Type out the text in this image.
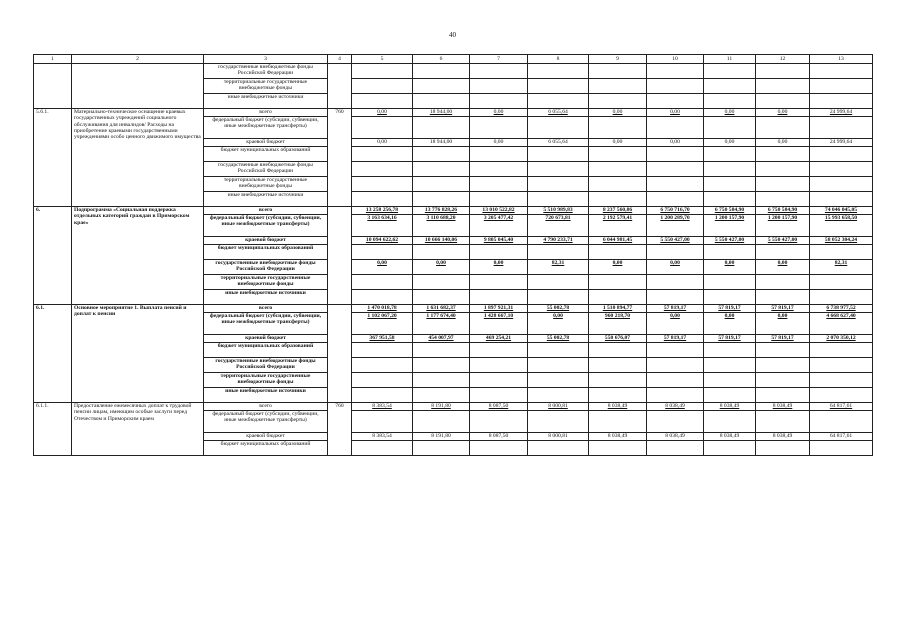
40
1	2	3	4	5	6	7	8	9	10	11	12	13
		государственные внебюджетные фонды Российской Федерации										
		территориальные государственные внебюджетные фонды										
		иные внебюджетные источники										
5.6.1.	Материально-техническое оснащение краевых государственных учреждений социального обслуживания для инвалидов/ Расходы на приобретение краевыми государственными учреждениями особо ценного движимого имущества	всего	760	0,00	18 944,00	0,00	6 055,64	0,00	0,00	0,00	0,00	24 999,64
		федеральный бюджет (субсидии, субвенции, иные межбюджетные трансферты)										
		краевой бюджет		0,00	18 944,00	0,00	6 055,64	0,00	0,00	0,00	0,00	24 999,64
		бюджет муниципальных образований										
		государственные внебюджетные фонды Российской Федерации										
		территориальные государственные внебюджетные фонды										
		иные внебюджетные источники										
6.	Подпрограмма «Социальная поддержка отдельных категорий граждан в Приморском крае»	всего		13 258 256,78	13 776 828,26	13 010 522,82	5 510 989,83	8 237 560,86	6 750 716,70	6 750 584,90	6 750 584,90	74 046 045,05
		федеральный бюджет (субсидии, субвенции, иные межбюджетные трансферты)		3 163 634,16	3 110 688,20	3 205 477,42	720 673,81	2 192 579,41	1 200 289,70	1 200 157,90	1 200 157,90	15 993 658,50
		краевой бюджет		10 094 622,62	10 666 140,06	9 805 045,40	4 790 233,71	6 044 981,45	5 550 427,00	5 550 427,00	5 550 427,00	58 052 304,24
		бюджет муниципальных образований										
		государственные внебюджетные фонды Российской Федерации		0,00	0,00	0,00	82,31	0,00	0,00	0,00	0,00	82,31
		территориальные государственные внебюджетные фонды										
		иные внебюджетные источники										
6.1.	Основное мероприятие 1. Выплата пенсий и доплат к пенсии	всего		1 470 018,78	1 631 682,37	1 897 921,31	55 002,78	1 510 894,77	57 819,17	57 819,17	57 819,17	6 738 977,52
		федеральный бюджет (субсидии, субвенции, иные межбюджетные трансферты)		1 102 067,20	1 177 674,40	1 428 667,10	0,00	960 218,70	0,00	0,00	0,00	4 668 627,40
		краевой бюджет		367 951,58	454 007,97	469 254,21	55 002,78	550 676,07	57 819,17	57 819,17	57 819,17	2 070 350,12
		бюджет муниципальных образований										
		государственные внебюджетные фонды Российской Федерации										
		территориальные государственные внебюджетные фонды										
		иные внебюджетные источники										
6.1.1.	Предоставление ежемесячных доплат к трудовой пенсии лицам, имеющим особые заслуги перед Отечеством и Приморским краем	всего	760	8 383,54	8 191,80	8 087,50	8 000,81	8 038,49	8 038,49	8 038,49	8 038,49	64 817,61
		федеральный бюджет (субсидии, субвенции, иные межбюджетные трансферты)										
		краевой бюджет		8 383,54	8 191,80	8 087,50	8 000,81	8 038,49	8 038,49	8 038,49	8 038,49	64 817,61
		бюджет муниципальных образований										
